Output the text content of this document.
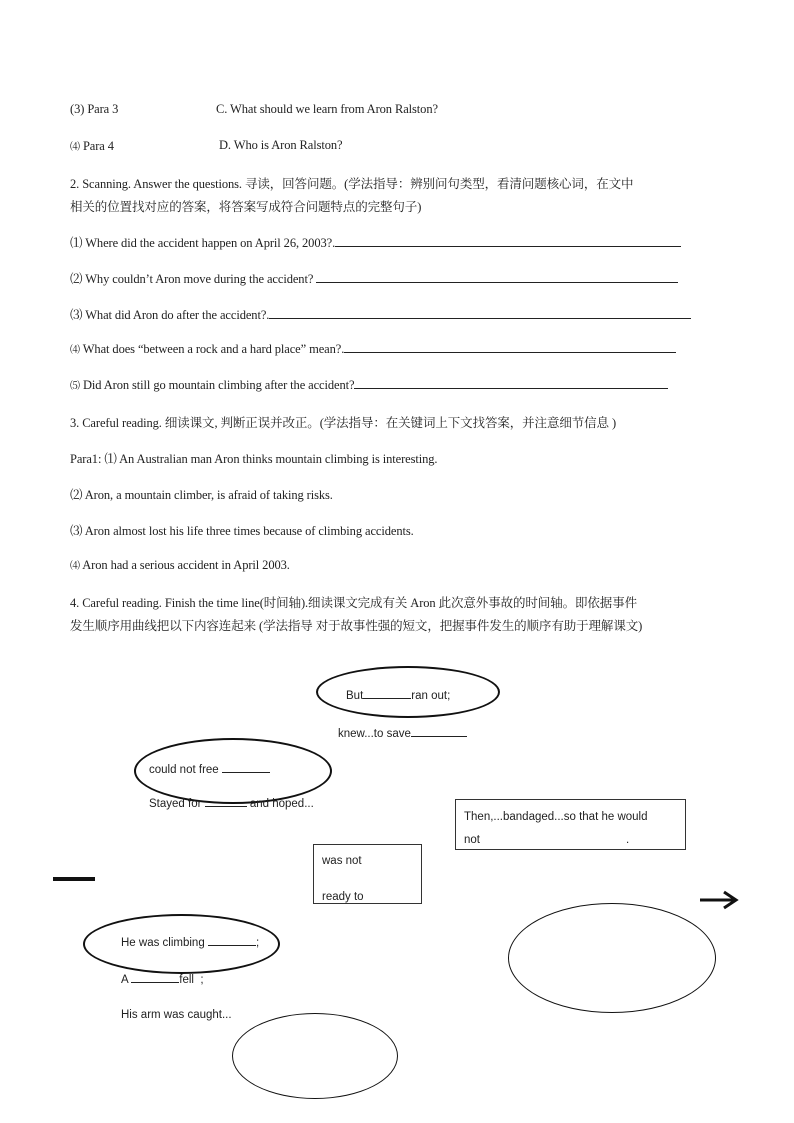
(3) Para 3	C. What should we learn from Aron Ralston?
⑷ Para 4	D. Who is Aron Ralston?
2. Scanning. Answer the questions. 寻读，回答问题。(学法指导：辨别问句类型，看清问题核心词，在文中
相关的位置找对应的答案，将答案写成符合问题特点的完整句子)
⑴ Where did the accident happen on April 26, 2003?.
⑵ Why couldn’t Aron move during the accident?
⑶ What did Aron do after the accident?.
⑷ What does “between a rock and a hard place” mean?.
⑸ Did Aron still go mountain climbing after the accident?
3. Careful reading. 细读课文, 判断正误并改正。(学法指导：在关键词上下文找答案，并注意细节信息 )
Para1: ⑴ An Australian man Aron thinks mountain climbing is interesting.
⑵ Aron, a mountain climber, is afraid of taking risks.
⑶ Aron almost lost his life three times because of climbing accidents.
⑷ Aron had a serious accident in April 2003.
4. Careful reading. Finish the time line(时间轴).细读课文完成有关 Aron 此次意外事故的时间轴。即依据事件
发生顺序用曲线把以下内容连起来 (学法指导 对于故事性强的短文，把握事件发生的顺序有助于理解课文)
But	ran out;
knew...to save
could not free
Stayed for	and hoped...
Then,...bandaged...so that he would
not	.
was not
ready to
He was climbing	;
A	fell ;
His arm was caught...
